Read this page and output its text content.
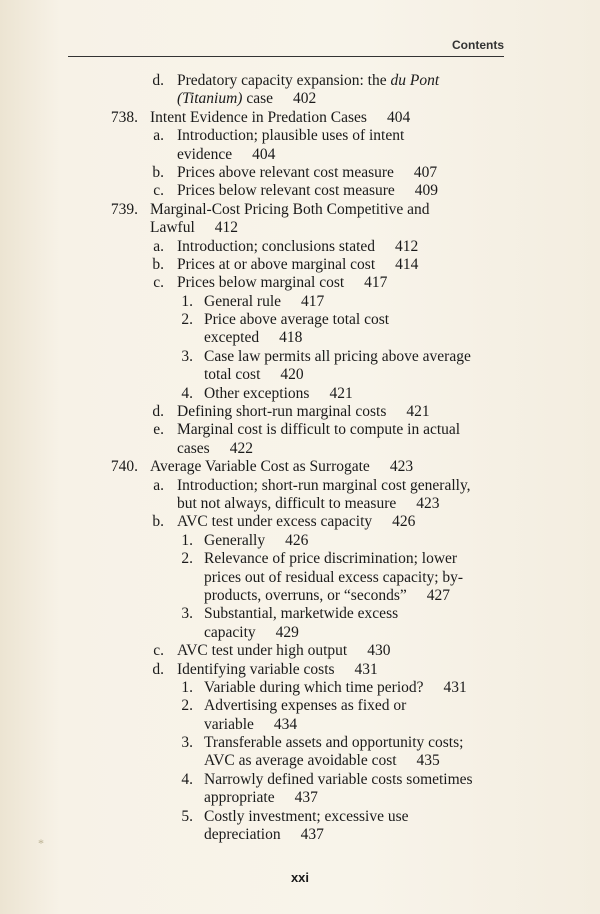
Contents
d. Predatory capacity expansion: the du Pont
(Titanium) case 402
738. Intent Evidence in Predation Cases 404
a. Introduction; plausible uses of intent
evidence 404
b. Prices above relevant cost measure 407
c. Prices below relevant cost measure 409
739. Marginal-Cost Pricing Both Competitive and
Lawful 412
a. Introduction; conclusions stated 412
b. Prices at or above marginal cost 414
c. Prices below marginal cost 417
1. General rule 417
2. Price above average total cost
excepted 418
3. Case law permits all pricing above average
total cost 420
4. Other exceptions 421
d. Defining short-run marginal costs 421
e. Marginal cost is difficult to compute in actual
cases 422
740. Average Variable Cost as Surrogate 423
a. Introduction; short-run marginal cost generally,
but not always, difficult to measure 423
b. AVC test under excess capacity 426
1. Generally 426
2. Relevance of price discrimination; lower
prices out of residual excess capacity; by-
products, overruns, or “seconds” 427
3. Substantial, marketwide excess
capacity 429
c. AVC test under high output 430
d. Identifying variable costs 431
1. Variable during which time period? 431
2. Advertising expenses as fixed or
variable 434
3. Transferable assets and opportunity costs;
AVC as average avoidable cost 435
4. Narrowly defined variable costs sometimes
appropriate 437
5. Costly investment; excessive use
depreciation 437
*
xxi
